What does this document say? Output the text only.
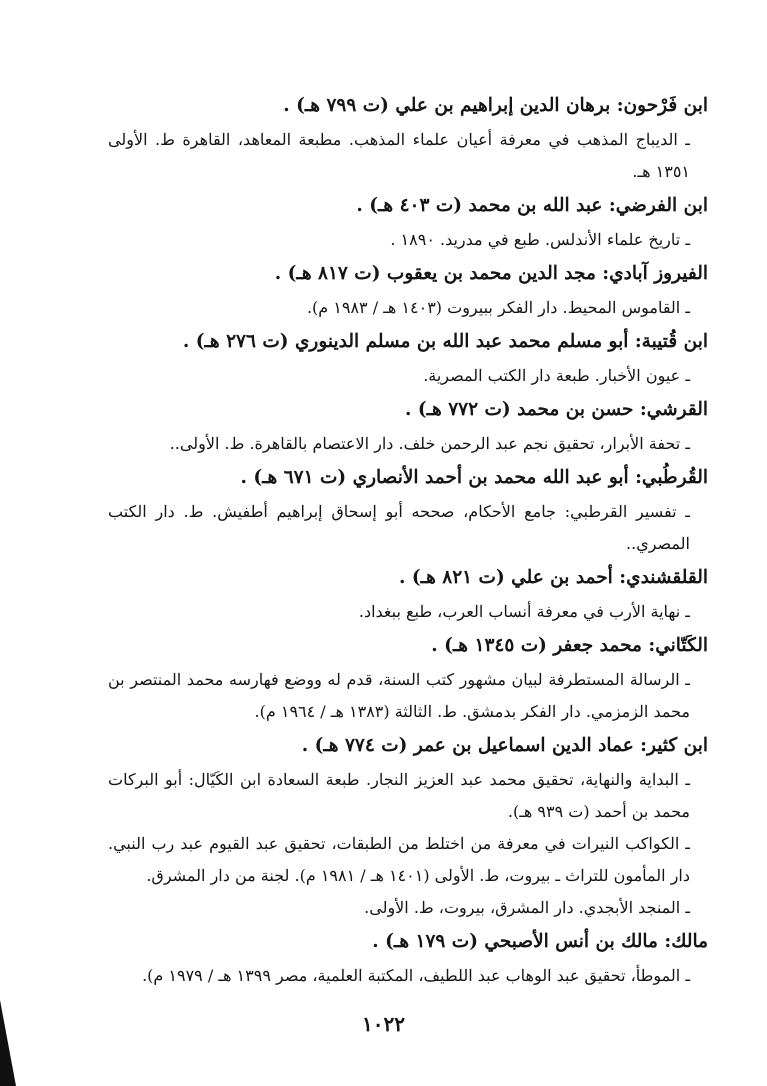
ابن فَرْحون: برهان الدين إبراهيم بن علي (ت ٧٩٩ هـ) .
ـ الديباج المذهب في معرفة أعيان علماء المذهب. مطبعة المعاهد، القاهرة ط. الأولى ١٣٥١ هـ.
ابن الفرضي: عبد الله بن محمد (ت ٤٠٣ هـ) .
ـ تاريخ علماء الأندلس. طبع في مدريد. ١٨٩٠ .
الفيروز آبادي: مجد الدين محمد بن يعقوب (ت ٨١٧ هـ) .
ـ القاموس المحيط. دار الفكر ببيروت (١٤٠٣ هـ / ١٩٨٣ م).
ابن قُتيبة: أبو مسلم محمد عبد الله بن مسلم الدينوري (ت ٢٧٦ هـ) .
ـ عيون الأخبار. طبعة دار الكتب المصرية.
القرشي: حسن بن محمد (ت ٧٧٢ هـ) .
ـ تحفة الأبرار، تحقيق نجم عبد الرحمن خلف. دار الاعتصام بالقاهرة. ط. الأولى..
القُرطُبي: أبو عبد الله محمد بن أحمد الأنصاري (ت ٦٧١ هـ) .
ـ تفسير القرطبي: جامع الأحكام، صححه أبو إسحاق إبراهيم أطفيش. ط. دار الكتب المصري..
القلقشندي: أحمد بن علي (ت ٨٢١ هـ) .
ـ نهاية الأرب في معرفة أنساب العرب، طبع ببغداد.
الكَتّاني: محمد جعفر (ت ١٣٤٥ هـ) .
ـ الرسالة المستطرفة لبيان مشهور كتب السنة، قدم له ووضع فهارسه محمد المنتصر بن محمد الزمزمي. دار الفكر بدمشق. ط. الثالثة (١٣٨٣ هـ / ١٩٦٤ م).
ابن كثير: عماد الدين اسماعيل بن عمر (ت ٧٧٤ هـ) .
ـ البداية والنهاية، تحقيق محمد عبد العزيز النجار. طبعة السعادة ابن الكَيّال: أبو البركات محمد بن أحمد (ت ٩٣٩ هـ).
ـ الكواكب النيرات في معرفة من اختلط من الطبقات، تحقيق عبد القيوم عبد رب النبي. دار المأمون للتراث ـ بيروت، ط. الأولى (١٤٠١ هـ / ١٩٨١ م). لجنة من دار المشرق.
ـ المنجد الأبجدي. دار المشرق، بيروت، ط. الأولى.
مالك: مالك بن أنس الأصبحي (ت ١٧٩ هـ) .
ـ الموطأ، تحقيق عبد الوهاب عبد اللطيف، المكتبة العلمية، مصر ١٣٩٩ هـ / ١٩٧٩ م).
١٠٢٢
